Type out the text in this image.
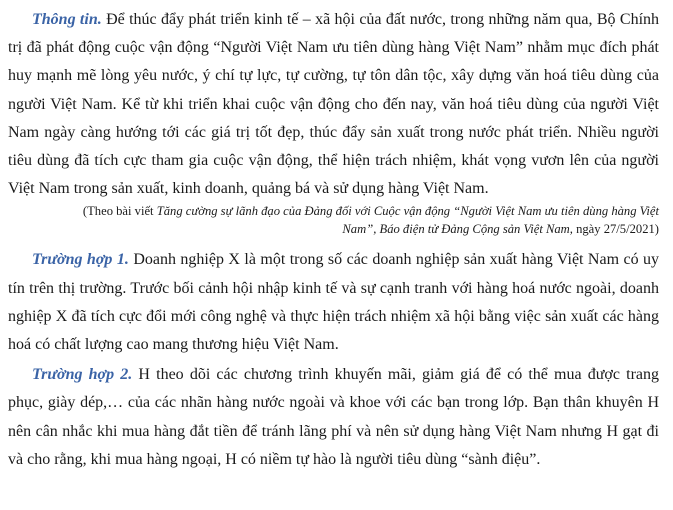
Thông tin. Để thúc đẩy phát triển kinh tế – xã hội của đất nước, trong những năm qua, Bộ Chính trị đã phát động cuộc vận động “Người Việt Nam ưu tiên dùng hàng Việt Nam” nhằm mục đích phát huy mạnh mẽ lòng yêu nước, ý chí tự lực, tự cường, tự tôn dân tộc, xây dựng văn hoá tiêu dùng của người Việt Nam. Kể từ khi triển khai cuộc vận động cho đến nay, văn hoá tiêu dùng của người Việt Nam ngày càng hướng tới các giá trị tốt đẹp, thúc đẩy sản xuất trong nước phát triển. Nhiều người tiêu dùng đã tích cực tham gia cuộc vận động, thể hiện trách nhiệm, khát vọng vươn lên của người Việt Nam trong sản xuất, kinh doanh, quảng bá và sử dụng hàng Việt Nam.

(Theo bài viết Tăng cường sự lãnh đạo của Đảng đối với Cuộc vận động “Người Việt Nam ưu tiên dùng hàng Việt Nam”, Báo điện tử Đảng Cộng sản Việt Nam, ngày 27/5/2021)

Trường hợp 1. Doanh nghiệp X là một trong số các doanh nghiệp sản xuất hàng Việt Nam có uy tín trên thị trường. Trước bối cảnh hội nhập kinh tế và sự cạnh tranh với hàng hoá nước ngoài, doanh nghiệp X đã tích cực đổi mới công nghệ và thực hiện trách nhiệm xã hội bằng việc sản xuất các hàng hoá có chất lượng cao mang thương hiệu Việt Nam.

Trường hợp 2. H theo dõi các chương trình khuyến mãi, giảm giá để có thể mua được trang phục, giày dép,… của các nhãn hàng nước ngoài và khoe với các bạn trong lớp. Bạn thân khuyên H nên cân nhắc khi mua hàng đắt tiền để tránh lãng phí và nên sử dụng hàng Việt Nam nhưng H gạt đi và cho rằng, khi mua hàng ngoại, H có niềm tự hào là người tiêu dùng “sành điệu”.
